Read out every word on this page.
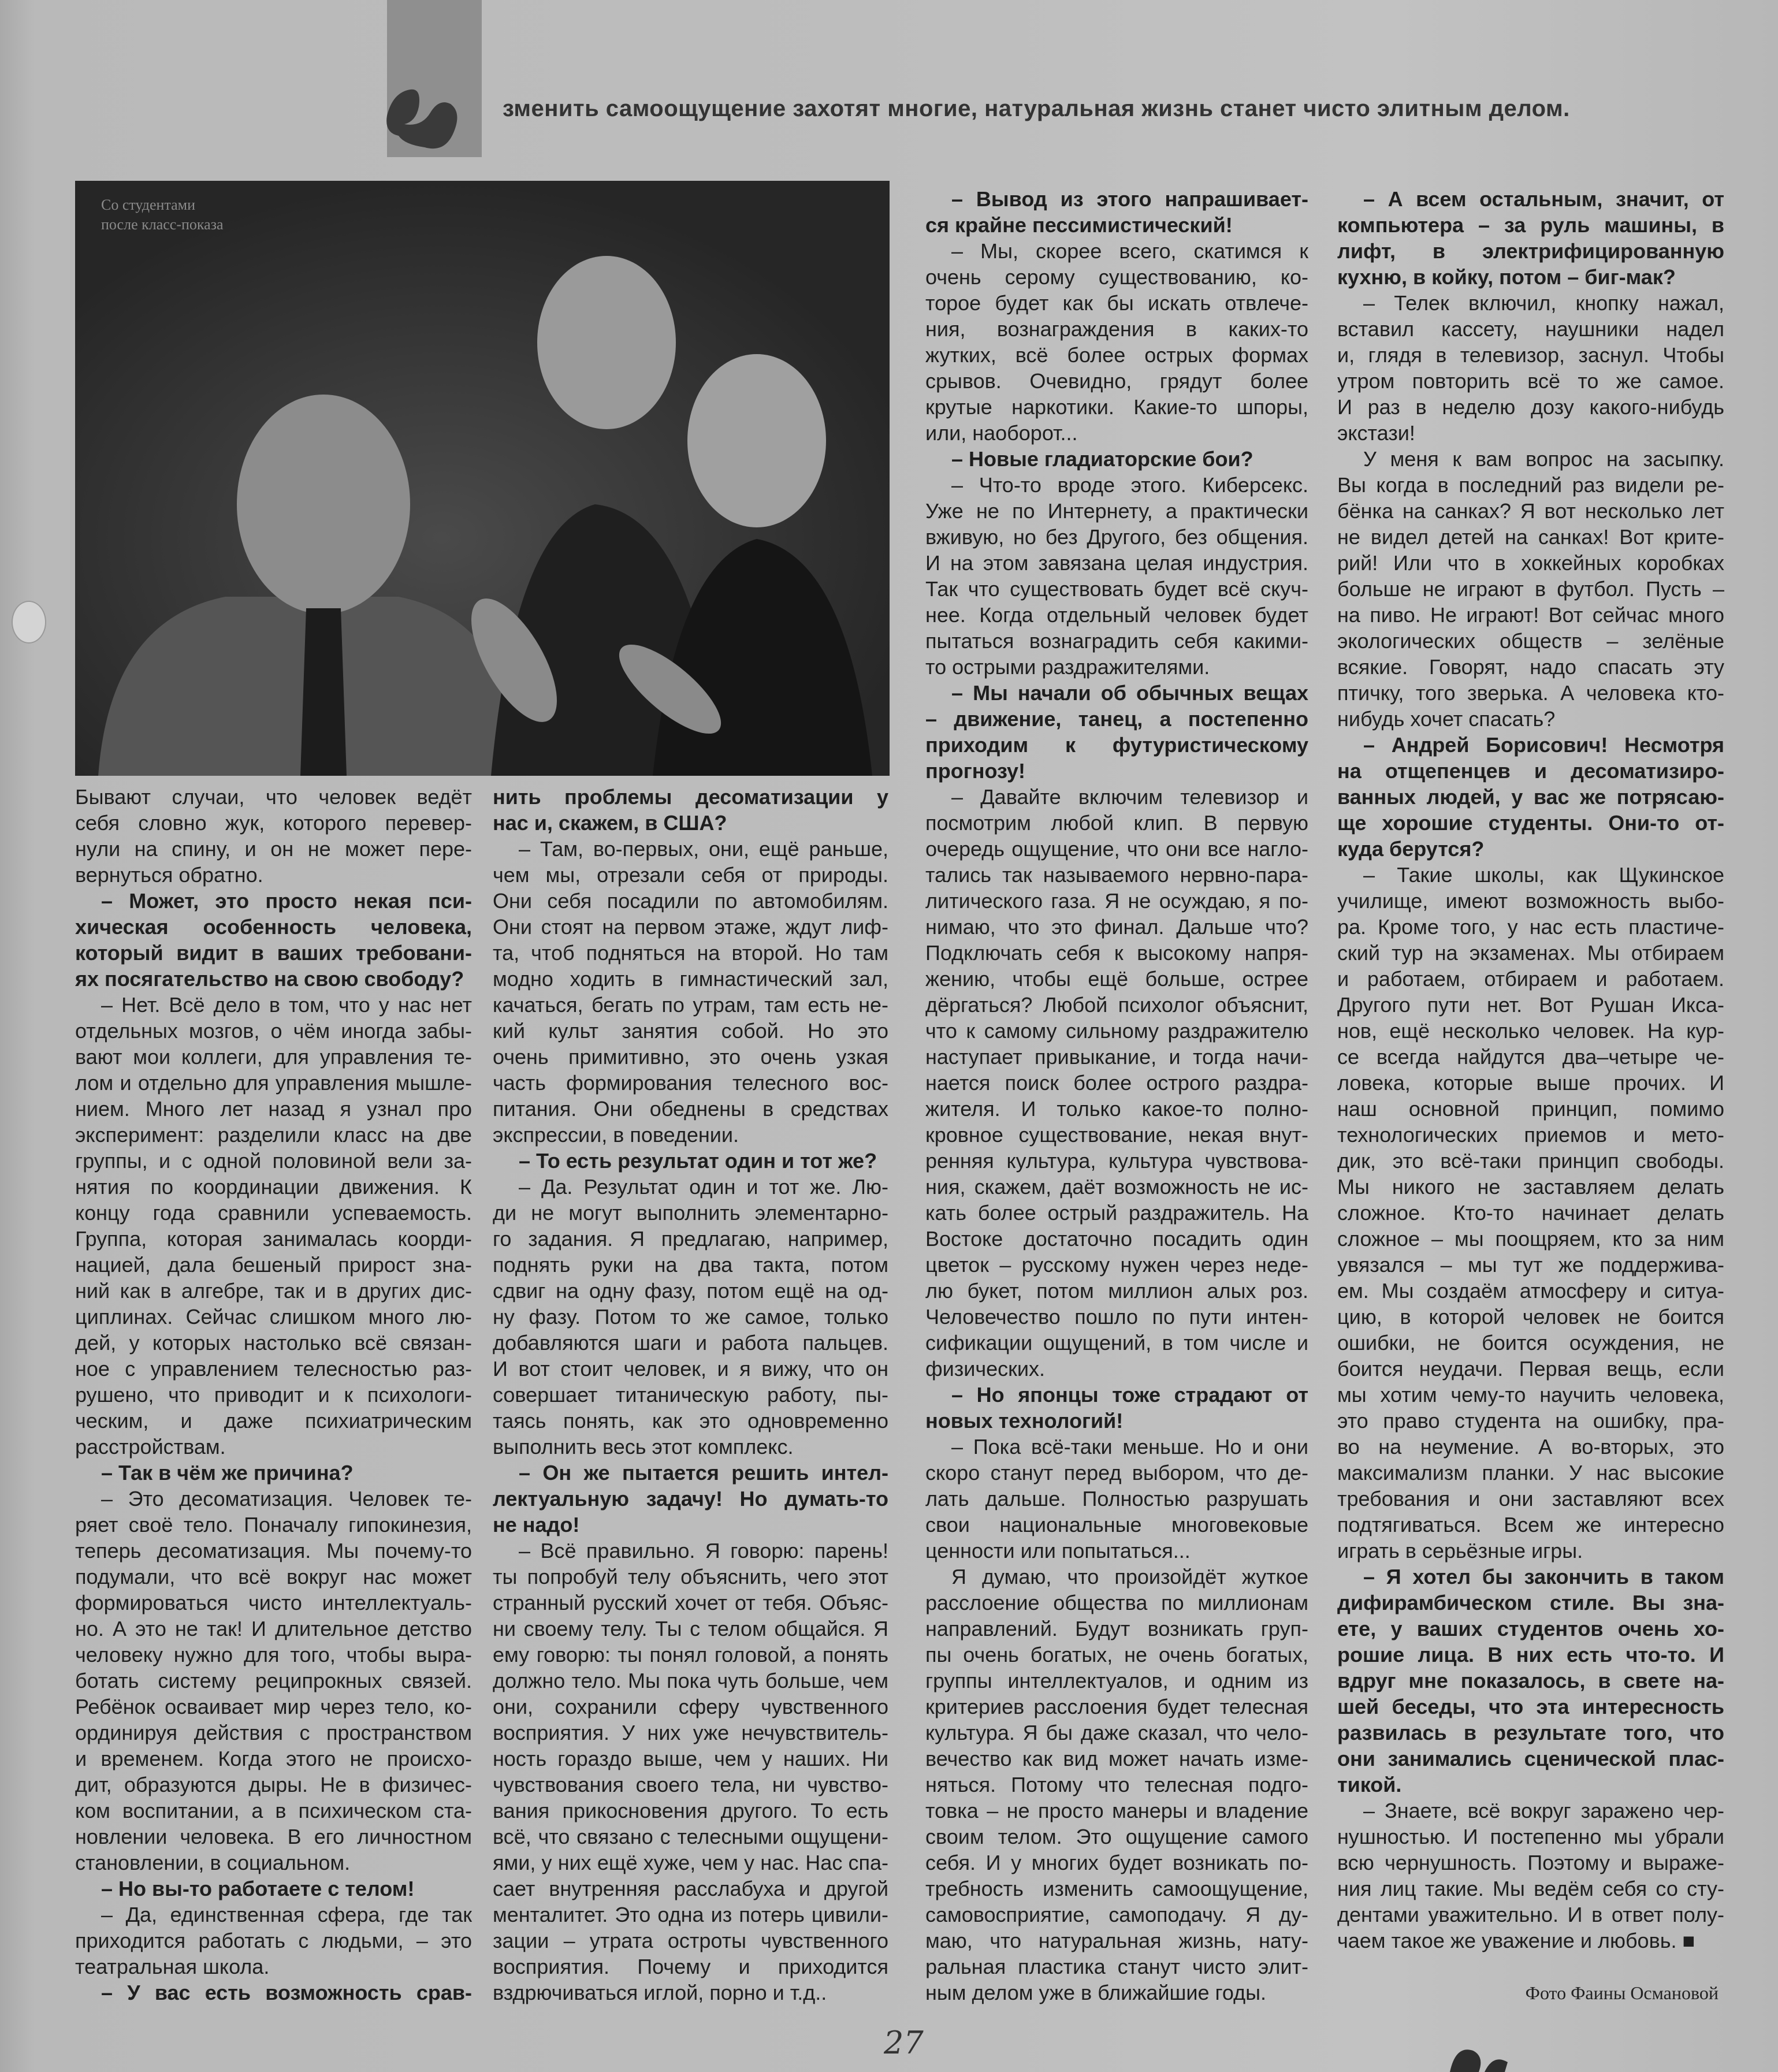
зменить самоощущение захотят многие, натуральная жизнь станет чисто элитным делом.
Со студентами
после класс-показа
Бывают случаи, что человек ведёт
себя словно жук, которого перевер-
нули на спину, и он не может пере-
вернуться обратно.
– Может, это просто некая пси-
хическая особенность человека,
который видит в ваших требовани-
ях посягательство на свою свободу?
– Нет. Всё дело в том, что у нас нет
отдельных мозгов, о чём иногда забы-
вают мои коллеги, для управления те-
лом и отдельно для управления мышле-
нием. Много лет назад я узнал про
эксперимент: разделили класс на две
группы, и с одной половиной вели за-
нятия по координации движения. К
концу года сравнили успеваемость.
Группа, которая занималась коорди-
нацией, дала бешеный прирост зна-
ний как в алгебре, так и в других дис-
циплинах. Сейчас слишком много лю-
дей, у которых настолько всё связан-
ное с управлением телесностью раз-
рушено, что приводит и к психологи-
ческим, и даже психиатрическим
расстройствам.
– Так в чём же причина?
– Это десоматизация. Человек те-
ряет своё тело. Поначалу гипокинезия,
теперь десоматизация. Мы почему-то
подумали, что всё вокруг нас может
формироваться чисто интеллектуаль-
но. А это не так! И длительное детство
человеку нужно для того, чтобы выра-
ботать систему реципрокных связей.
Ребёнок осваивает мир через тело, ко-
ординируя действия с пространством
и временем. Когда этого не происхо-
дит, образуются дыры. Не в физичес-
ком воспитании, а в психическом ста-
новлении человека. В его личностном
становлении, в социальном.
– Но вы-то работаете с телом!
– Да, единственная сфера, где так
приходится работать с людьми, – это
театральная школа.
– У вас есть возможность срав-
нить проблемы десоматизации у
нас и, скажем, в США?
– Там, во-первых, они, ещё раньше,
чем мы, отрезали себя от природы.
Они себя посадили по автомобилям.
Они стоят на первом этаже, ждут лиф-
та, чтоб подняться на второй. Но там
модно ходить в гимнастический зал,
качаться, бегать по утрам, там есть не-
кий культ занятия собой. Но это
очень примитивно, это очень узкая
часть формирования телесного вос-
питания. Они обеднены в средствах
экспрессии, в поведении.
– То есть результат один и тот же?
– Да. Результат один и тот же. Лю-
ди не могут выполнить элементарно-
го задания. Я предлагаю, например,
поднять руки на два такта, потом
сдвиг на одну фазу, потом ещё на од-
ну фазу. Потом то же самое, только
добавляются шаги и работа пальцев.
И вот стоит человек, и я вижу, что он
совершает титаническую работу, пы-
таясь понять, как это одновременно
выполнить весь этот комплекс.
– Он же пытается решить интел-
лектуальную задачу! Но думать-то
не надо!
– Всё правильно. Я говорю: парень!
ты попробуй телу объяснить, чего этот
странный русский хочет от тебя. Объяс-
ни своему телу. Ты с телом общайся. Я
ему говорю: ты понял головой, а понять
должно тело. Мы пока чуть больше, чем
они, сохранили сферу чувственного
восприятия. У них уже нечувствитель-
ность гораздо выше, чем у наших. Ни
чувствования своего тела, ни чувство-
вания прикосновения другого. То есть
всё, что связано с телесными ощущени-
ями, у них ещё хуже, чем у нас. Нас спа-
сает внутренняя расслабуха и другой
менталитет. Это одна из потерь цивили-
зации – утрата остроты чувственного
восприятия. Почему и приходится
вздрючиваться иглой, порно и т.д..
– Вывод из этого напрашивает-
ся крайне пессимистический!
– Мы, скорее всего, скатимся к
очень серому существованию, ко-
торое будет как бы искать отвлече-
ния, вознаграждения в каких-то
жутких, всё более острых формах
срывов. Очевидно, грядут более
крутые наркотики. Какие-то шпоры,
или, наоборот...
– Новые гладиаторские бои?
– Что-то вроде этого. Киберсекс.
Уже не по Интернету, а практически
вживую, но без Другого, без общения.
И на этом завязана целая индустрия.
Так что существовать будет всё скуч-
нее. Когда отдельный человек будет
пытаться вознаградить себя какими-
то острыми раздражителями.
– Мы начали об обычных вещах
– движение, танец, а постепенно
приходим к футуристическому
прогнозу!
– Давайте включим телевизор и
посмотрим любой клип. В первую
очередь ощущение, что они все нагло-
тались так называемого нервно-пара-
литического газа. Я не осуждаю, я по-
нимаю, что это финал. Дальше что?
Подключать себя к высокому напря-
жению, чтобы ещё больше, острее
дёргаться? Любой психолог объяснит,
что к самому сильному раздражителю
наступает привыкание, и тогда начи-
нается поиск более острого раздра-
жителя. И только какое-то полно-
кровное существование, некая внут-
ренняя культура, культура чувствова-
ния, скажем, даёт возможность не ис-
кать более острый раздражитель. На
Востоке достаточно посадить один
цветок – русскому нужен через неде-
лю букет, потом миллион алых роз.
Человечество пошло по пути интен-
сификации ощущений, в том числе и
физических.
– Но японцы тоже страдают от
новых технологий!
– Пока всё-таки меньше. Но и они
скоро станут перед выбором, что де-
лать дальше. Полностью разрушать
свои национальные многовековые
ценности или попытаться...
Я думаю, что произойдёт жуткое
расслоение общества по миллионам
направлений. Будут возникать груп-
пы очень богатых, не очень богатых,
группы интеллектуалов, и одним из
критериев расслоения будет телесная
культура. Я бы даже сказал, что чело-
вечество как вид может начать изме-
няться. Потому что телесная подго-
товка – не просто манеры и владение
своим телом. Это ощущение самого
себя. И у многих будет возникать по-
требность изменить самоощущение,
самовосприятие, самоподачу. Я ду-
маю, что натуральная жизнь, нату-
ральная пластика станут чисто элит-
ным делом уже в ближайшие годы.
– А всем остальным, значит, от
компьютера – за руль машины, в
лифт, в электрифицированную
кухню, в койку, потом – биг-мак?
– Телек включил, кнопку нажал,
вставил кассету, наушники надел
и, глядя в телевизор, заснул. Чтобы
утром повторить всё то же самое.
И раз в неделю дозу какого-нибудь
экстази!
У меня к вам вопрос на засыпку.
Вы когда в последний раз видели ре-
бёнка на санках? Я вот несколько лет
не видел детей на санках! Вот крите-
рий! Или что в хоккейных коробках
больше не играют в футбол. Пусть –
на пиво. Не играют! Вот сейчас много
экологических обществ – зелёные
всякие. Говорят, надо спасать эту
птичку, того зверька. А человека кто-
нибудь хочет спасать?
– Андрей Борисович! Несмотря
на отщепенцев и десоматизиро-
ванных людей, у вас же потрясаю-
ще хорошие студенты. Они-то от-
куда берутся?
– Такие школы, как Щукинское
училище, имеют возможность выбо-
ра. Кроме того, у нас есть пластиче-
ский тур на экзаменах. Мы отбираем
и работаем, отбираем и работаем.
Другого пути нет. Вот Рушан Икса-
нов, ещё несколько человек. На кур-
се всегда найдутся два–четыре че-
ловека, которые выше прочих. И
наш основной принцип, помимо
технологических приемов и мето-
дик, это всё-таки принцип свободы.
Мы никого не заставляем делать
сложное. Кто-то начинает делать
сложное – мы поощряем, кто за ним
увязался – мы тут же поддержива-
ем. Мы создаём атмосферу и ситуа-
цию, в которой человек не боится
ошибки, не боится осуждения, не
боится неудачи. Первая вещь, если
мы хотим чему-то научить человека,
это право студента на ошибку, пра-
во на неумение. А во-вторых, это
максимализм планки. У нас высокие
требования и они заставляют всех
подтягиваться. Всем же интересно
играть в серьёзные игры.
– Я хотел бы закончить в таком
дифирамбическом стиле. Вы зна-
ете, у ваших студентов очень хо-
рошие лица. В них есть что-то. И
вдруг мне показалось, в свете на-
шей беседы, что эта интересность
развилась в результате того, что
они занимались сценической плас-
тикой.
– Знаете, всё вокруг заражено чер-
нушностью. И постепенно мы убрали
всю чернушность. Поэтому и выраже-
ния лиц такие. Мы ведём себя со сту-
дентами уважительно. И в ответ полу-
чаем такое же уважение и любовь. ■
Фото Фаины Османовой
27
